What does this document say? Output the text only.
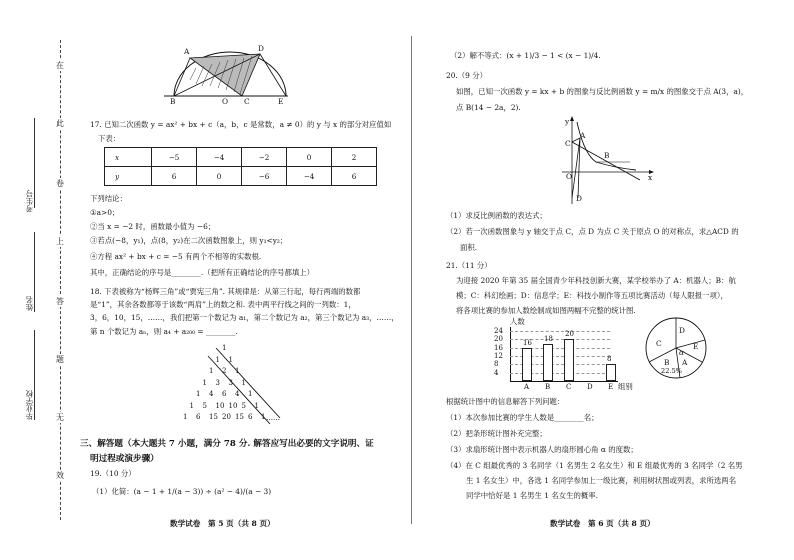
在
此
卷
上
答
题
无
效
考生号
姓名
毕业学校
A	D
B	O C	E
17. 已知二次函数 y = ax² + bx + c（a，b，c 是常数，a ≠ 0）的 y 与 x 的部分对应值如
下表：
x	−5	−4	−2	0	2
y	6	0	−6	−4	6
下列结论：
①a>0；
②当 x = −2 时，函数最小值为 −6；
③若点(−8，y₁)，点(8，y₂)在二次函数图象上，则 y₁<y₂；
④方程 ax² + bx + c = −5 有两个不相等的实数根.
其中，正确结论的序号是________.（把所有正确结论的序号都填上）
18. 下表被称为“杨辉三角”或“贾宪三角”. 其规律是：从第三行起，每行两端的数都
是“1”，其余各数都等于该数“两肩”上的数之和. 表中两平行线之间的一列数：1，
3，6，10，15，……，我们把第一个数记为 a₁，第二个数记为 a₂，第三个数记为 a₃，……，
第 n 个数记为 aₙ，则 a₄ + a₂₀₀ = ________.
1
1 1
1 2 1
1 3 3 1
1 4 6 4 1
1 5 10 10 5 1
1 6 15 20 15 6 1 ……
三、解答题（本大题共 7 小题，满分 78 分. 解答应写出必要的文字说明、证
明过程或演步骤）
19.（10 分）
（1）化简：(a − 1 + 1/(a − 3)) ÷ (a² − 4)/(a − 3)
数学试卷　第 5 页（共 8 页）
（2）解不等式：(x + 1)/3 − 1 < (x − 1)/4.
20.（9 分）
如图，已知一次函数 y = kx + b 的图象与反比例函数 y = m/x 的图象交于点 A(3，a)，
点 B(14 − 2a，2).
y
A
C
B
O	x
D
（1）求反比例函数的表达式；
（2）若一次函数图象与 y 轴交于点 C，点 D 为点 C 关于原点 O 的对称点，求△ACD 的
面积.
21.（11 分）
为迎接 2020 年第 35 届全国青少年科技创新大赛，某学校举办了 A：机器人；B：航
模；C：科幻绘画；D：信息学；E：科技小制作等五项比赛活动（每人限报一项），
将各项比赛的参加人数绘制成如图两幅不完整的统计图.
人数
组别
4
8
12
16
20
24
A
16
B
18
C
20
D E
8
D
C	E
α
A
B
22.5%
根据统计图中的信息解答下列问题：
（1）本次参加比赛的学生人数是________名；
（2）把条形统计图补充完整；
（3）求扇形统计图中表示机器人的扇形圆心角 α 的度数；
（4）在 C 组最优秀的 3 名同学（1 名男生 2 名女生）和 E 组最优秀的 3 名同学（2 名男
生 1 名女生）中，各选 1 名同学参加上一级比赛，利用树状图或列表，求所选两名
同学中恰好是 1 名男生 1 名女生的概率.
数学试卷　第 6 页（共 8 页）
